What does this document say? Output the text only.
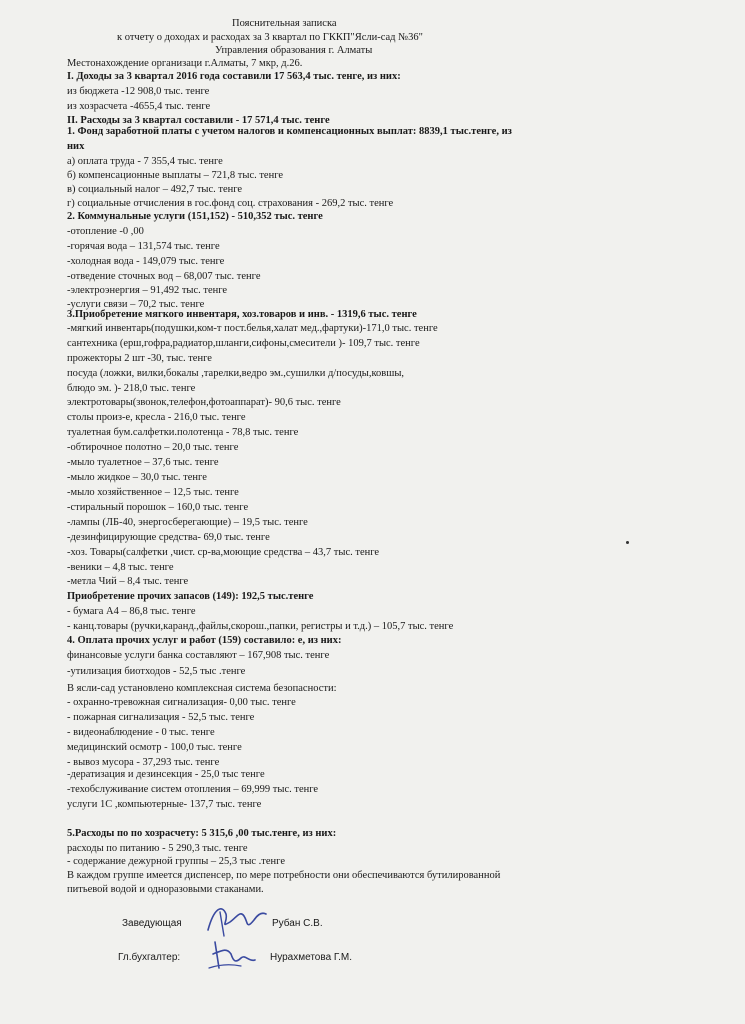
Пояснительная записка
к отчету о доходах и расходах за 3 квартал по ГККП"Ясли-сад №36"
Управления образования г. Алматы
Местонахождение организаци г.Алматы, 7 мкр, д.26.
I. Доходы за 3 квартал 2016 года составили 17 563,4 тыс. тенге, из них:
из бюджета -12 908,0 тыс. тенге
из хозрасчета -4655,4 тыс. тенге
II. Расходы за 3 квартал составили - 17 571,4 тыс. тенге
1. Фонд заработной платы с учетом налогов и компенсационных выплат: 8839,1 тыс.тенге, из
них
а) оплата труда - 7 355,4 тыс. тенге
б) компенсационные выплаты – 721,8 тыс. тенге
в) социальный налог – 492,7 тыс. тенге
г) социальные отчисления в гос.фонд соц. страхования - 269,2 тыс. тенге
2. Коммунальные услуги (151,152) - 510,352 тыс. тенге
-отопление -0 ,00
-горячая вода – 131,574 тыс. тенге
-холодная вода - 149,079 тыс. тенге
-отведение сточных вод – 68,007 тыс. тенге
-электроэнергия – 91,492 тыс. тенге
-услуги связи – 70,2 тыс. тенге
3.Приобретение мягкого инвентаря, хоз.товаров и инв. - 1319,6 тыс. тенге
-мягкий инвентарь(подушки,ком-т пост.белья,халат мед.,фартуки)-171,0 тыс. тенге
сантехника (ерш,гофра,радиатор,шланги,сифоны,смесители )- 109,7 тыс. тенге
прожекторы 2 шт -30, тыс. тенге
посуда (ложки, вилки,бокалы ,тарелки,ведро эм.,сушилки д/посуды,ковшы,
блюдо эм. )- 218,0 тыс. тенге
электротовары(звонок,телефон,фотоаппарат)- 90,6 тыс. тенге
столы произ-е, кресла - 216,0 тыс. тенге
туалетная бум.салфетки.полотенца - 78,8 тыс. тенге
-обтирочное полотно – 20,0 тыс. тенге
-мыло туалетное – 37,6 тыс. тенге
-мыло жидкое – 30,0 тыс. тенге
-мыло хозяйственное – 12,5 тыс. тенге
-стиральный порошок – 160,0 тыс. тенге
-лампы (ЛБ-40, энергосберегающие) – 19,5 тыс. тенге
-дезинфицирующие средства- 69,0 тыс. тенге
-хоз. Товары(салфетки ,чист. ср-ва,моющие средства – 43,7 тыс. тенге
-веники – 4,8 тыс. тенге
-метла Чий – 8,4 тыс. тенге
Приобретение прочих запасов (149): 192,5 тыс.тенге
- бумага А4 – 86,8 тыс. тенге
- канц.товары (ручки,каранд.,файлы,скорош.,папки, регистры и т.д.) – 105,7 тыс. тенге
4. Оплата прочих услуг и работ (159) составило: е, из них:
финансовые услуги банка составляют – 167,908 тыс. тенге
-утилизация биотходов - 52,5 тыс .тенге
В ясли-сад установлено комплексная система безопасности:
- охранно-тревожная сигнализация- 0,00 тыс. тенге
- пожарная сигнализация - 52,5 тыс. тенге
- видеонаблюдение - 0 тыс. тенге
медицинский осмотр - 100,0 тыс. тенге
- вывоз мусора - 37,293 тыс. тенге
-дератизация и дезинсекция - 25,0 тыс тенге
-техобслуживание систем отопления – 69,999 тыс. тенге
услуги 1С ,компьютерные- 137,7 тыс. тенге
5.Расходы по по хозрасчету: 5 315,6 ,00 тыс.тенге, из них:
расходы по питанию - 5 290,3 тыс. тенге
- содержание дежурной группы – 25,3 тыс .тенге
В каждом группе имеется диспенсер, по мере потребности они обеспечиваются бутилированной
питьевой водой и одноразовыми стаканами.
Заведующая	Рубан С.В.
Гл.бухгалтер:	Нурахметова Г.М.
